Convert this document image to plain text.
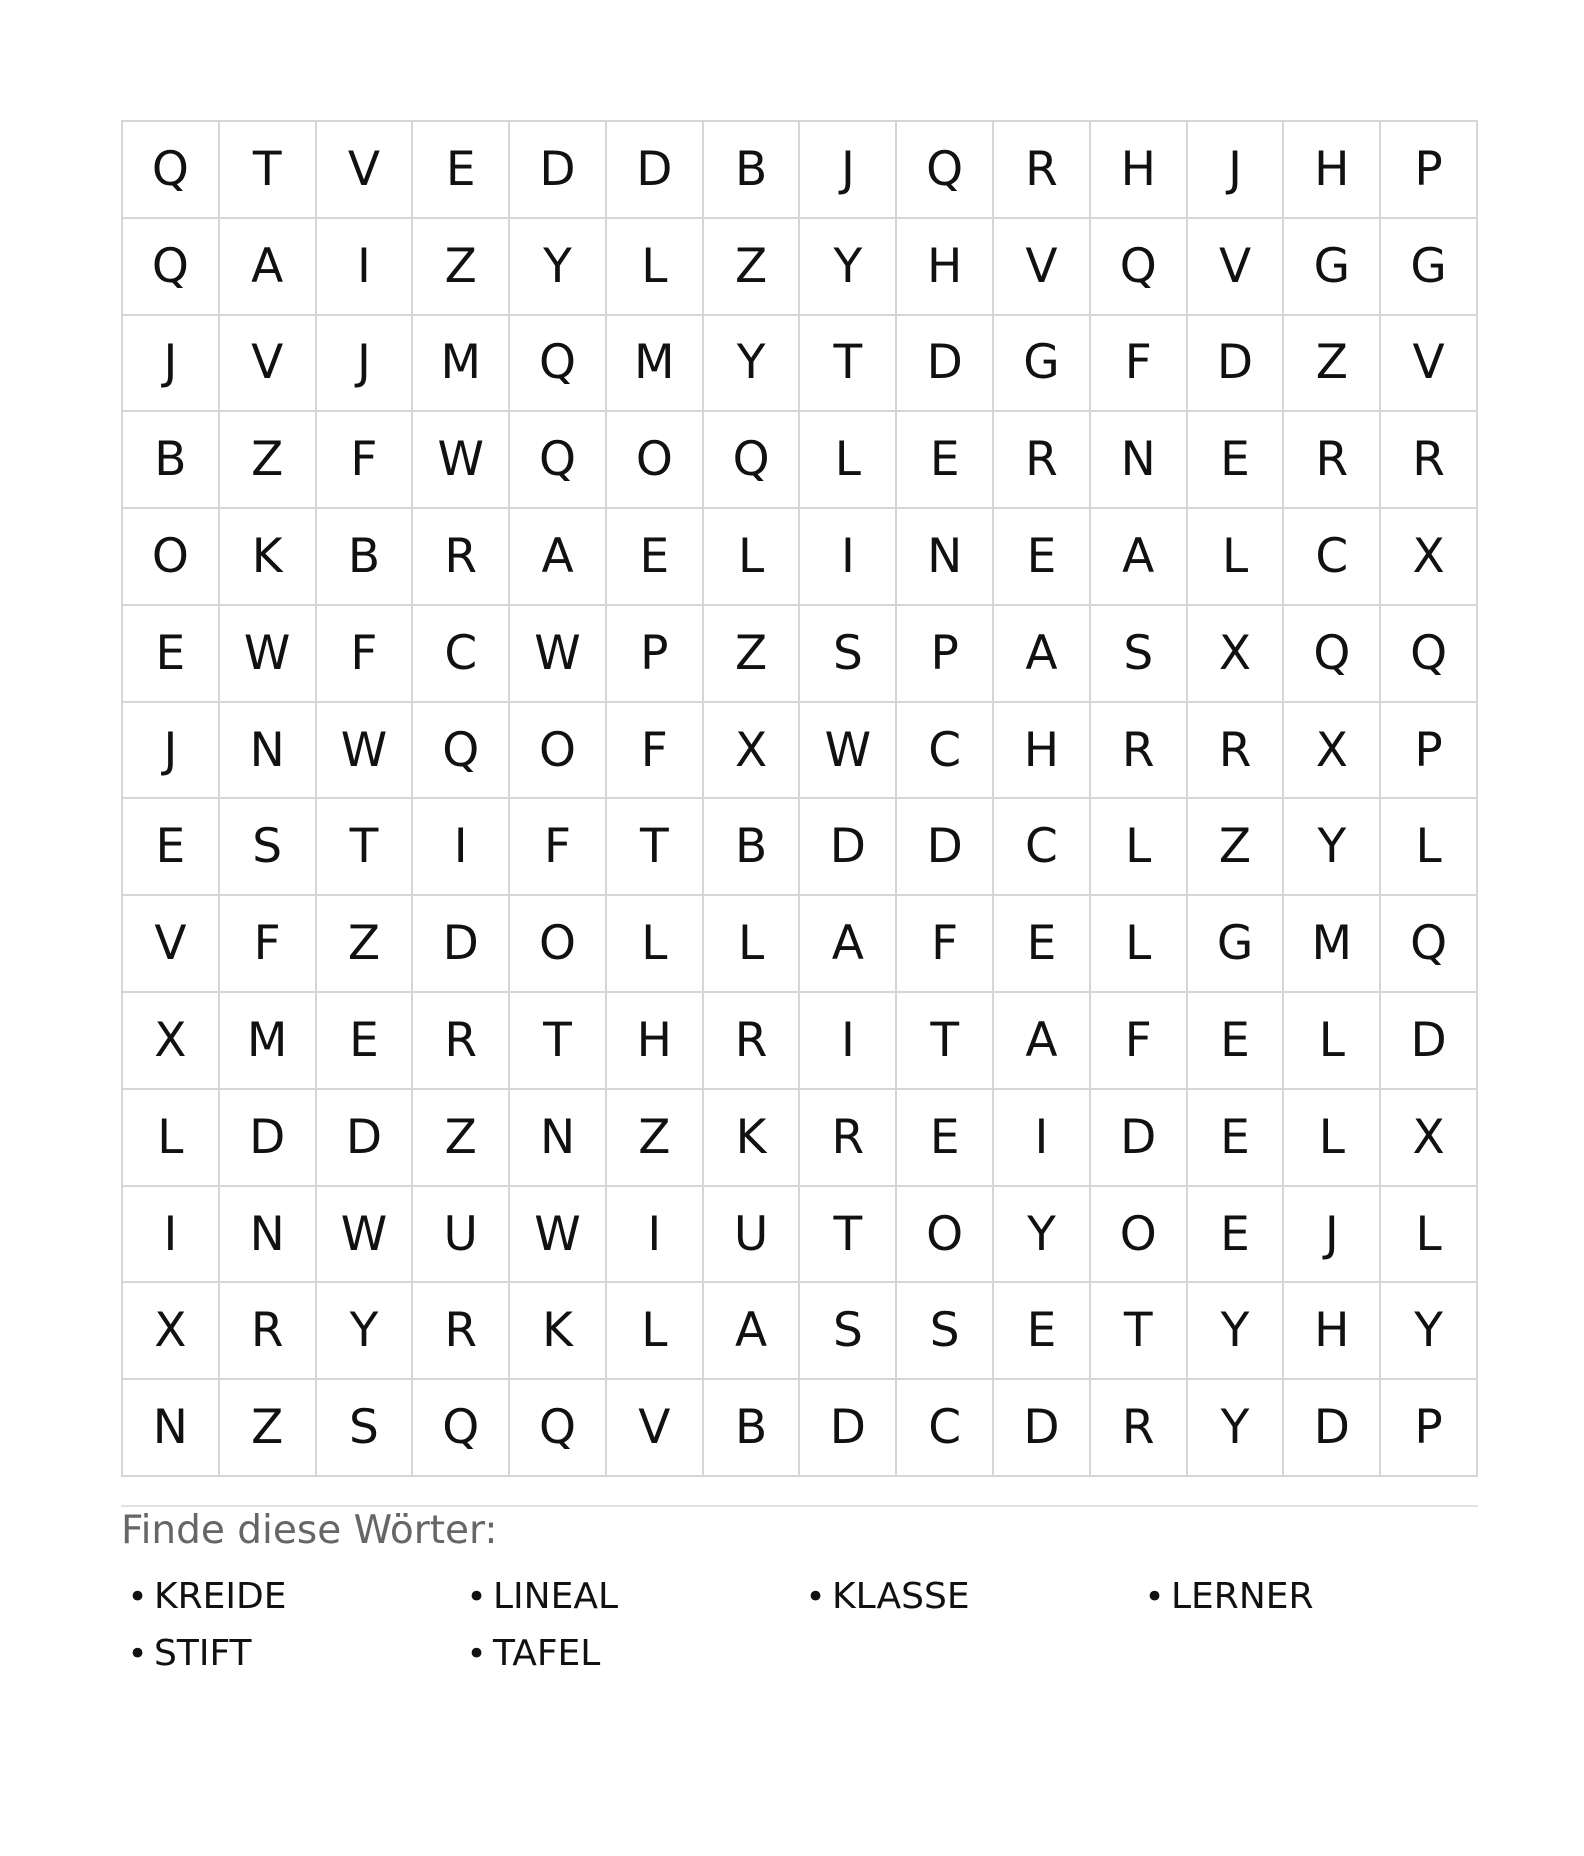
Q	T	V	E	D	D	B	J	Q	R	H	J	H	P
Q	A	I	Z	Y	L	Z	Y	H	V	Q	V	G	G
J	V	J	M	Q	M	Y	T	D	G	F	D	Z	V
B	Z	F	W	Q	O	Q	L	E	R	N	E	R	R
O	K	B	R	A	E	L	I	N	E	A	L	C	X
E	W	F	C	W	P	Z	S	P	A	S	X	Q	Q
J	N	W	Q	O	F	X	W	C	H	R	R	X	P
E	S	T	I	F	T	B	D	D	C	L	Z	Y	L
V	F	Z	D	O	L	L	A	F	E	L	G	M	Q
X	M	E	R	T	H	R	I	T	A	F	E	L	D
L	D	D	Z	N	Z	K	R	E	I	D	E	L	X
I	N	W	U	W	I	U	T	O	Y	O	E	J	L
X	R	Y	R	K	L	A	S	S	E	T	Y	H	Y
N	Z	S	Q	Q	V	B	D	C	D	R	Y	D	P
Finde diese Wörter:
• KREIDE	• LINEAL	• KLASSE	• LERNER
• STIFT	• TAFEL
